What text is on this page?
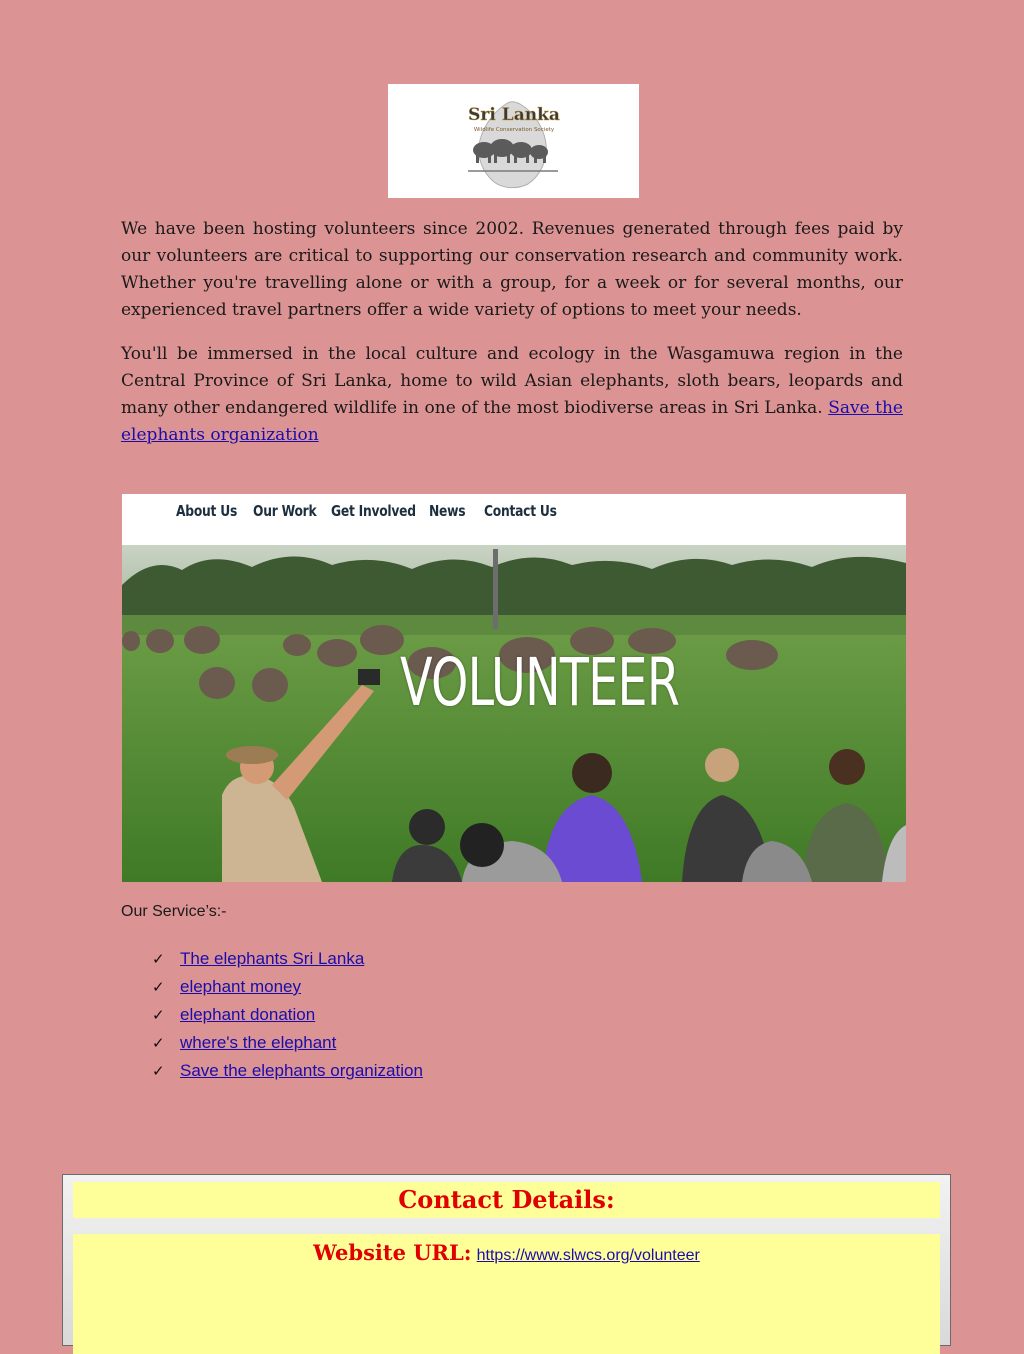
Sri Lanka
Wildlife Conservation Society
We have been hosting volunteers since 2002. Revenues generated through fees paid by our volunteers are critical to supporting our conservation research and community work. Whether you're travelling alone or with a group, for a week or for several months, our experienced travel partners offer a wide variety of options to meet your needs.
You'll be immersed in the local culture and ecology in the Wasgamuwa region in the Central Province of Sri Lanka, home to wild Asian elephants, sloth bears, leopards and many other endangered wildlife in one of the most biodiverse areas in Sri Lanka. Save the elephants organization
About Us Our Work Get Involved News Contact Us
VOLUNTEER
Our Service’s:-
✓ The elephants Sri Lanka
✓ elephant money
✓ elephant donation
✓ where's the elephant
✓ Save the elephants organization
Contact Details:
Website URL: https://www.slwcs.org/volunteer
